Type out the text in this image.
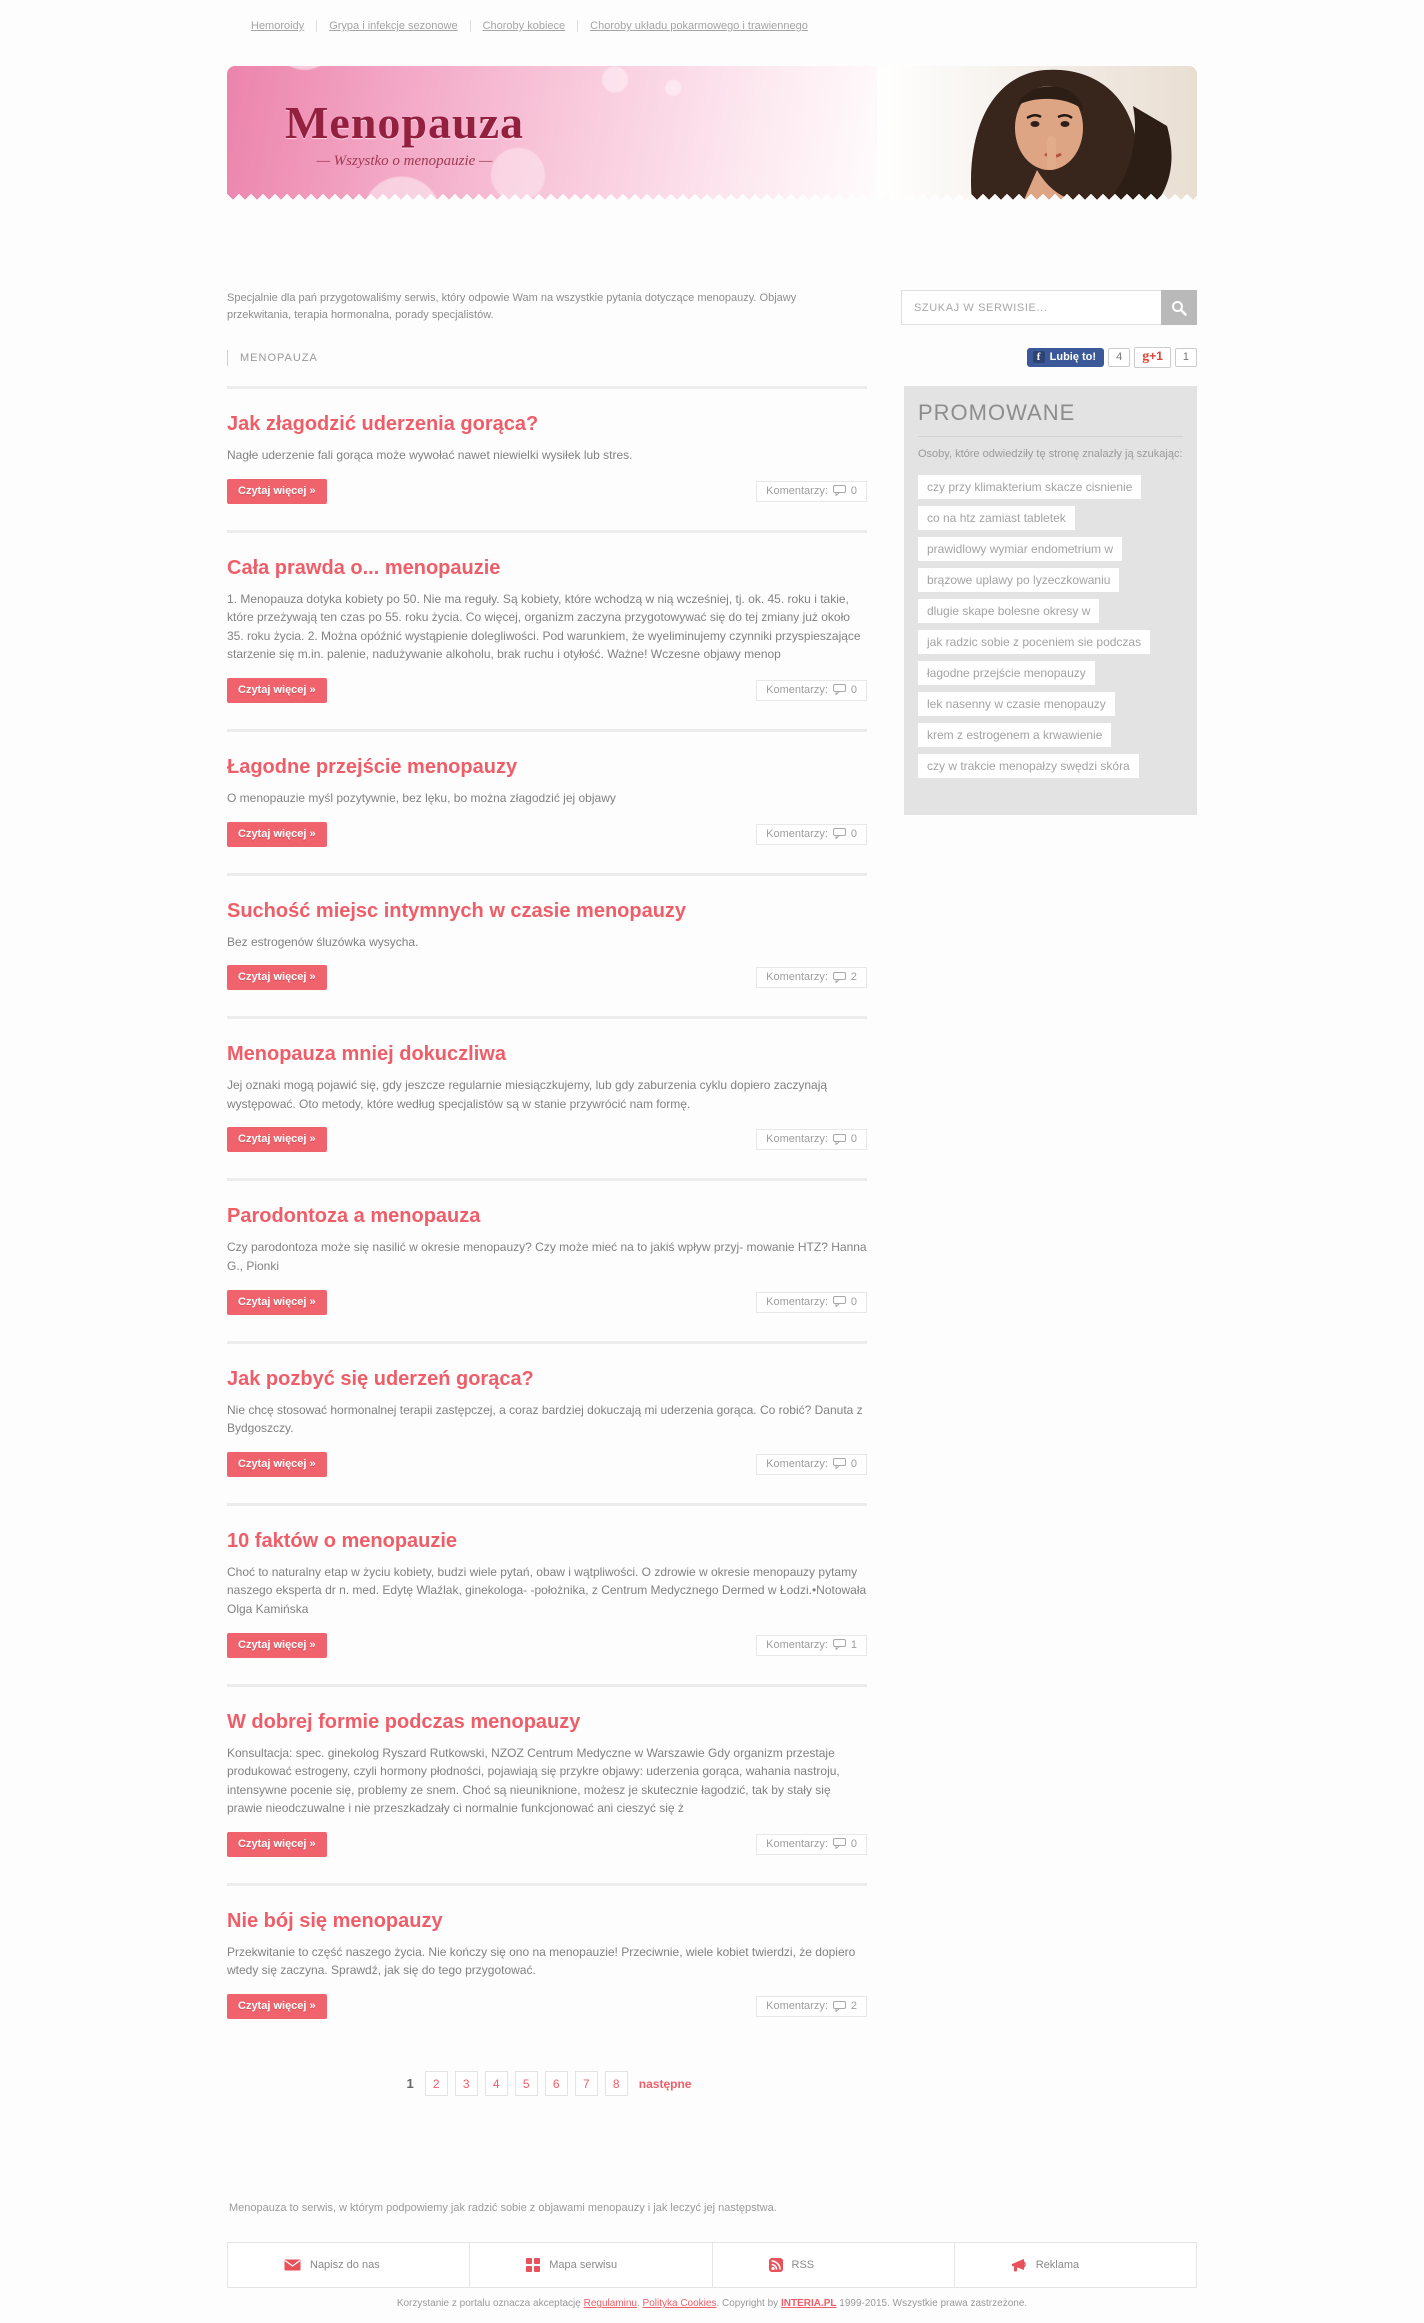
Hemoroidy Grypa i infekcje sezonowe Choroby kobiece Choroby układu pokarmowego i trawiennego
Menopauza
— Wszystko o menopauzie —
Specjalnie dla pań przygotowaliśmy serwis, który odpowie Wam na wszystkie pytania dotyczące menopauzy. Objawy przekwitania, terapia hormonalna, porady specjalistów.
SZUKAJ W SERWISIE...
MENOPAUZA	f Lubię to!	4	g+1	1
Jak złagodzić uderzenia gorąca?

Nagłe uderzenie fali gorąca może wywołać nawet niewielki wysiłek lub stres.

Czytaj więcej »	Komentarzy: 0
Cała prawda o... menopauzie

1. Menopauza dotyka kobiety po 50. Nie ma reguły. Są kobiety, które wchodzą w nią wcześniej, tj. ok. 45. roku i takie, które przeżywają ten czas po 55. roku życia. Co więcej, organizm zaczyna przygotowywać się do tej zmiany już około 35. roku życia. 2. Można opóźnić wystąpienie dolegliwości. Pod warunkiem, że wyeliminujemy czynniki przyspieszające starzenie się m.in. palenie, nadużywanie alkoholu, brak ruchu i otyłość. Ważne! Wczesne objawy menop

Czytaj więcej »	Komentarzy: 0
Łagodne przejście menopauzy

O menopauzie myśl pozytywnie, bez lęku, bo można złagodzić jej objawy

Czytaj więcej »	Komentarzy: 0
Suchość miejsc intymnych w czasie menopauzy

Bez estrogenów śluzówka wysycha.

Czytaj więcej »	Komentarzy: 2
Menopauza mniej dokuczliwa

Jej oznaki mogą pojawić się, gdy jeszcze regularnie miesiączkujemy, lub gdy zaburzenia cyklu dopiero zaczynają występować. Oto metody, które według specjalistów są w stanie przywrócić nam formę.

Czytaj więcej »	Komentarzy: 0
Parodontoza a menopauza

Czy parodontoza może się nasilić w okresie menopauzy? Czy może mieć na to jakiś wpływ przyj- mowanie HTZ? Hanna G., Pionki

Czytaj więcej »	Komentarzy: 0
Jak pozbyć się uderzeń gorąca?

Nie chcę stosować hormonalnej terapii zastępczej, a coraz bardziej dokuczają mi uderzenia gorąca. Co robić? Danuta z Bydgoszczy.

Czytaj więcej »	Komentarzy: 0
10 faktów o menopauzie

Choć to naturalny etap w życiu kobiety, budzi wiele pytań, obaw i wątpliwości. O zdrowie w okresie menopauzy pytamy naszego eksperta dr n. med. Edytę Wlaźlak, ginekologa- -położnika, z Centrum Medycznego Dermed w Łodzi.•Notowała Olga Kamińska

Czytaj więcej »	Komentarzy: 1
W dobrej formie podczas menopauzy

Konsultacja: spec. ginekolog Ryszard Rutkowski, NZOZ Centrum Medyczne w Warszawie Gdy organizm przestaje produkować estrogeny, czyli hormony płodności, pojawiają się przykre objawy: uderzenia gorąca, wahania nastroju, intensywne pocenie się, problemy ze snem. Choć są nieuniknione, możesz je skutecznie łagodzić, tak by stały się prawie nieodczuwalne i nie przeszkadzały ci normalnie funkcjonować ani cieszyć się ż

Czytaj więcej »	Komentarzy: 0
Nie bój się menopauzy

Przekwitanie to część naszego życia. Nie kończy się ono na menopauzie! Przeciwnie, wiele kobiet twierdzi, że dopiero wtedy się zaczyna. Sprawdź, jak się do tego przygotować.

Czytaj więcej »	Komentarzy: 2
1	2	3	4	5	6	7	8	następne
PROMOWANE
Osoby, które odwiedziły tę stronę znalazły ją szukając:
czy przy klimakterium skacze cisnienie
co na htz zamiast tabletek
prawidlowy wymiar endometrium w
brązowe uplawy po lyzeczkowaniu
dlugie skape bolesne okresy w
jak radzic sobie z poceniem sie podczas
łagodne przejście menopauzy
lek nasenny w czasie menopauzy
krem z estrogenem a krwawienie
czy w trakcie menopałzy swędzi skóra
Menopauza to serwis, w którym podpowiemy jak radzić sobie z objawami menopauzy i jak leczyć jej następstwa.
Napisz do nas	Mapa serwisu	RSS	Reklama
Korzystanie z portalu oznacza akceptację Regulaminu. Polityka Cookies. Copyright by INTERIA.PL 1999-2015. Wszystkie prawa zastrzeżone.
